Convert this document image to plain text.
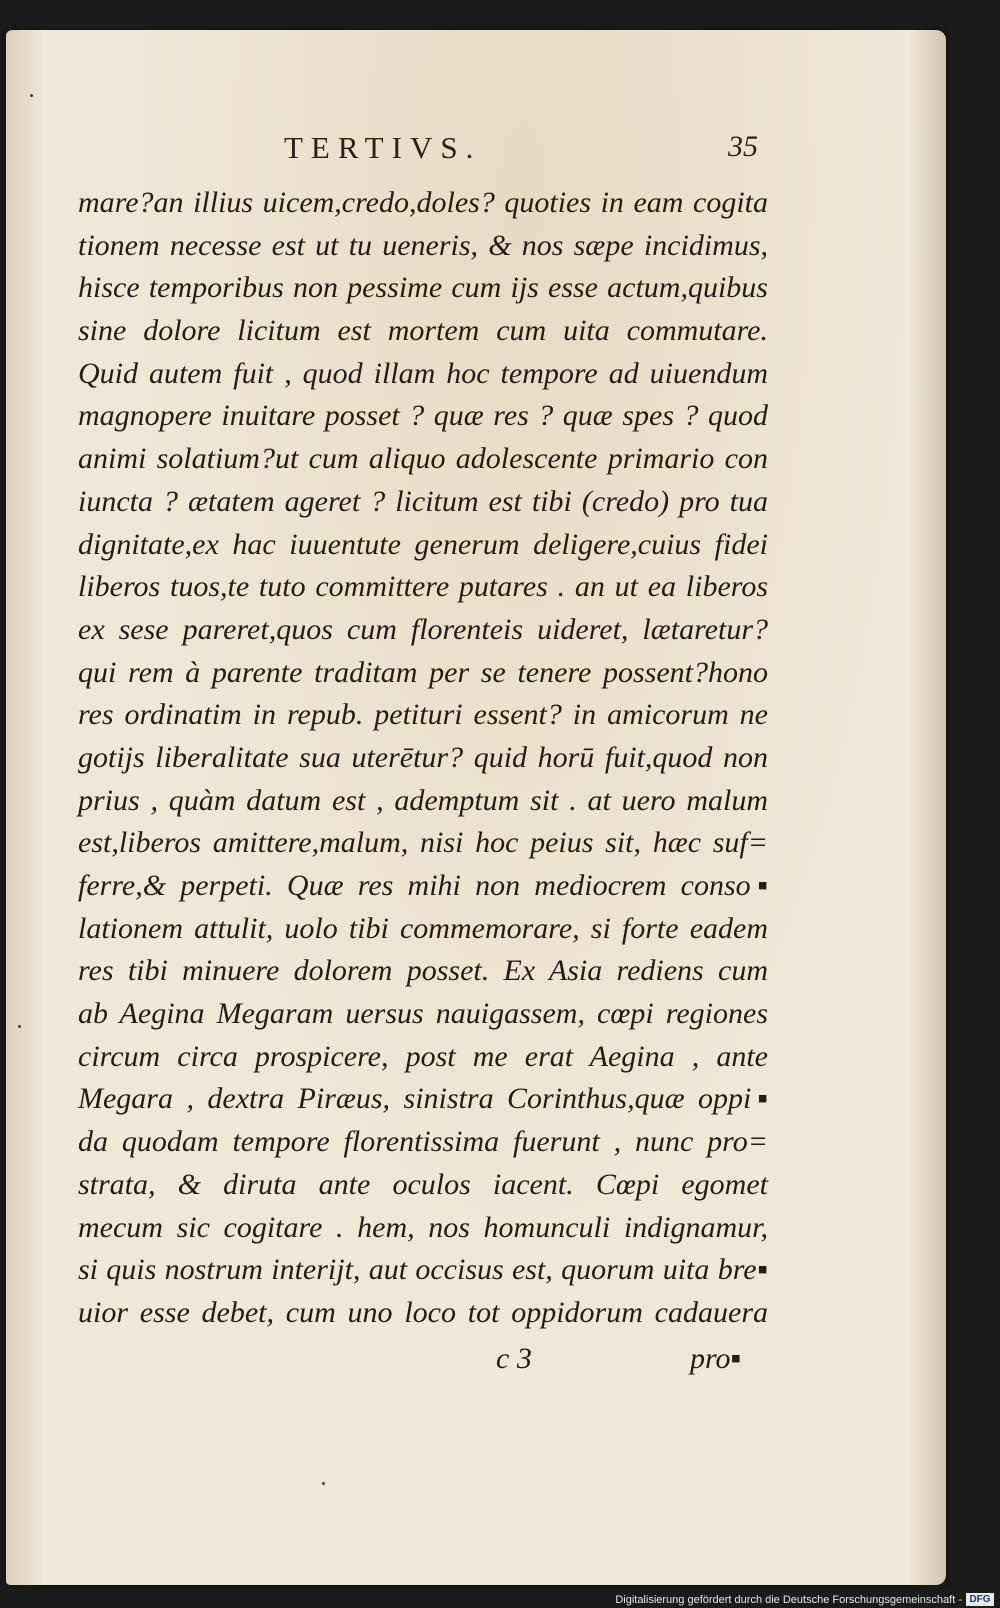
TERTIVS.	35
mare?an illius uicem,credo,doles? quoties in eam cogita
tionem necesse est ut tu ueneris, & nos sæpe incidimus,
hisce temporibus non pessime cum ijs esse actum,quibus
sine dolore licitum est mortem cum uita commutare.
Quid autem fuit , quod illam hoc tempore ad uiuendum
magnopere inuitare posset ? quæ res ? quæ spes ? quod
animi solatium?ut cum aliquo adolescente primario con
iuncta ? ætatem ageret ? licitum est tibi (credo) pro tua
dignitate,ex hac iuuentute generum deligere,cuius fidei
liberos tuos,te tuto committere putares . an ut ea liberos
ex sese pareret,quos cum florenteis uideret, lætaretur?
qui rem à parente traditam per se tenere possent?hono
res ordinatim in repub. petituri essent? in amicorum ne
gotijs liberalitate sua uterētur? quid horū fuit,quod non
prius , quàm datum est , ademptum sit . at uero malum
est,liberos amittere,malum, nisi hoc peius sit, hæc suf=
ferre,& perpeti. Quæ res mihi non mediocrem conso▪
lationem attulit, uolo tibi commemorare, si forte eadem
res tibi minuere dolorem posset. Ex Asia rediens cum
ab Aegina Megaram uersus nauigassem, cœpi regiones
circum circa prospicere, post me erat Aegina , ante
Megara , dextra Piræus, sinistra Corinthus,quæ oppi▪
da quodam tempore florentissima fuerunt , nunc pro=
strata, & diruta ante oculos iacent. Cœpi egomet
mecum sic cogitare . hem, nos homunculi indignamur,
si quis nostrum interijt, aut occisus est, quorum uita bre▪
uior esse debet, cum uno loco tot oppidorum cadauera
c 3	pro▪
Digitalisierung gefördert durch die Deutsche Forschungsgemeinschaft - DFG
